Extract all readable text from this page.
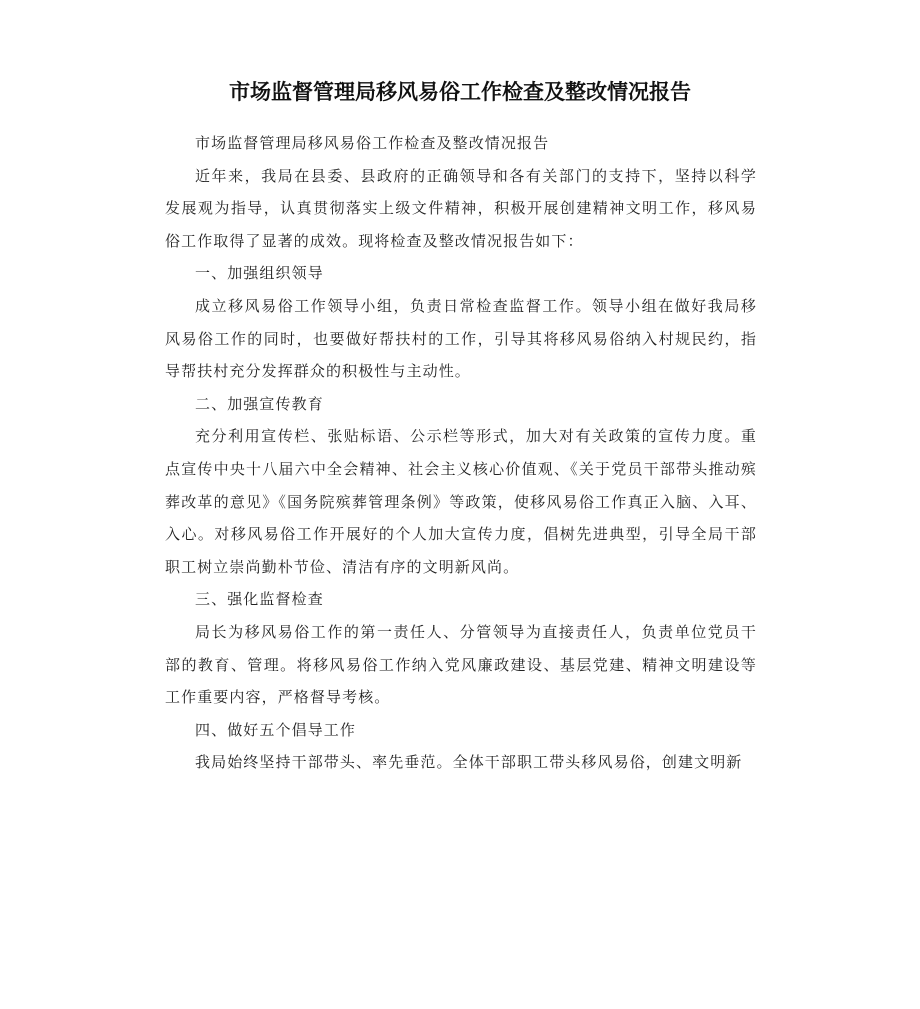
市场监督管理局移风易俗工作检查及整改情况报告

市场监督管理局移风易俗工作检查及整改情况报告

近年来，我局在县委、县政府的正确领导和各有关部门的支持下，坚持以科学发展观为指导，认真贯彻落实上级文件精神，积极开展创建精神文明工作，移风易俗工作取得了显著的成效。现将检查及整改情况报告如下：

一、加强组织领导

成立移风易俗工作领导小组，负责日常检查监督工作。领导小组在做好我局移风易俗工作的同时，也要做好帮扶村的工作，引导其将移风易俗纳入村规民约，指导帮扶村充分发挥群众的积极性与主动性。

二、加强宣传教育

充分利用宣传栏、张贴标语、公示栏等形式，加大对有关政策的宣传力度。重点宣传中央十八届六中全会精神、社会主义核心价值观、《关于党员干部带头推动殡葬改革的意见》《国务院殡葬管理条例》等政策，使移风易俗工作真正入脑、入耳、入心。对移风易俗工作开展好的个人加大宣传力度，倡树先进典型，引导全局干部职工树立崇尚勤朴节俭、清洁有序的文明新风尚。

三、强化监督检查

局长为移风易俗工作的第一责任人、分管领导为直接责任人，负责单位党员干部的教育、管理。将移风易俗工作纳入党风廉政建设、基层党建、精神文明建设等工作重要内容，严格督导考核。

四、做好五个倡导工作

我局始终坚持干部带头、率先垂范。全体干部职工带头移风易俗，创建文明新
